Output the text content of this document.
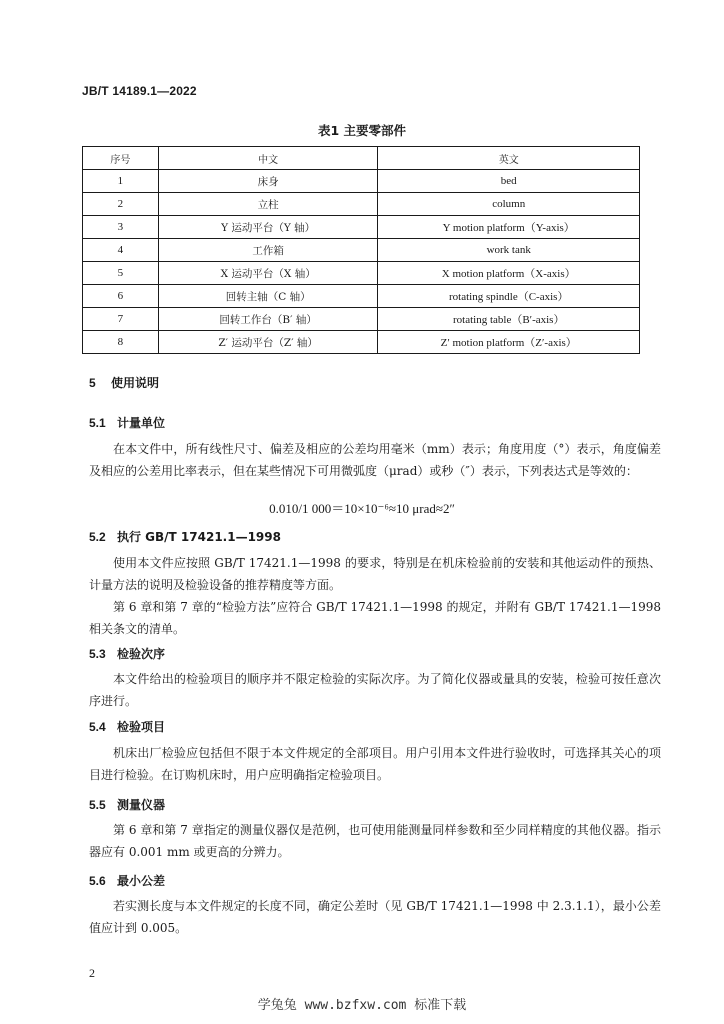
JB/T 14189.1—2022
表1 主要零部件
序号	中文	英文
1	床身	bed
2	立柱	column
3	Y 运动平台（Y 轴）	Y motion platform（Y-axis）
4	工作箱	work tank
5	X 运动平台（X 轴）	X motion platform（X-axis）
6	回转主轴（C 轴）	rotating spindle（C-axis）
7	回转工作台（B′ 轴）	rotating table（B′-axis）
8	Z′ 运动平台（Z′ 轴）	Z′ motion platform（Z′-axis）
5 使用说明
5.1 计量单位
在本文件中，所有线性尺寸、偏差及相应的公差均用毫米（mm）表示；角度用度（°）表示，角度偏差及相应的公差用比率表示，但在某些情况下可用微弧度（μrad）或秒（″）表示，下列表达式是等效的：
0.010/1 000＝10×10⁻⁶≈10 μrad≈2″
5.2 执行 GB/T 17421.1—1998
使用本文件应按照 GB/T 17421.1—1998 的要求，特别是在机床检验前的安装和其他运动件的预热、计量方法的说明及检验设备的推荐精度等方面。
第 6 章和第 7 章的“检验方法”应符合 GB/T 17421.1—1998 的规定，并附有 GB/T 17421.1—1998 相关条文的清单。
5.3 检验次序
本文件给出的检验项目的顺序并不限定检验的实际次序。为了简化仪器或量具的安装，检验可按任意次序进行。
5.4 检验项目
机床出厂检验应包括但不限于本文件规定的全部项目。用户引用本文件进行验收时，可选择其关心的项目进行检验。在订购机床时，用户应明确指定检验项目。
5.5 测量仪器
第 6 章和第 7 章指定的测量仪器仅是范例，也可使用能测量同样参数和至少同样精度的其他仪器。指示器应有 0.001 mm 或更高的分辨力。
5.6 最小公差
若实测长度与本文件规定的长度不同，确定公差时（见 GB/T 17421.1—1998 中 2.3.1.1），最小公差值应计到 0.005。
2
学兔兔 www.bzfxw.com 标准下载
